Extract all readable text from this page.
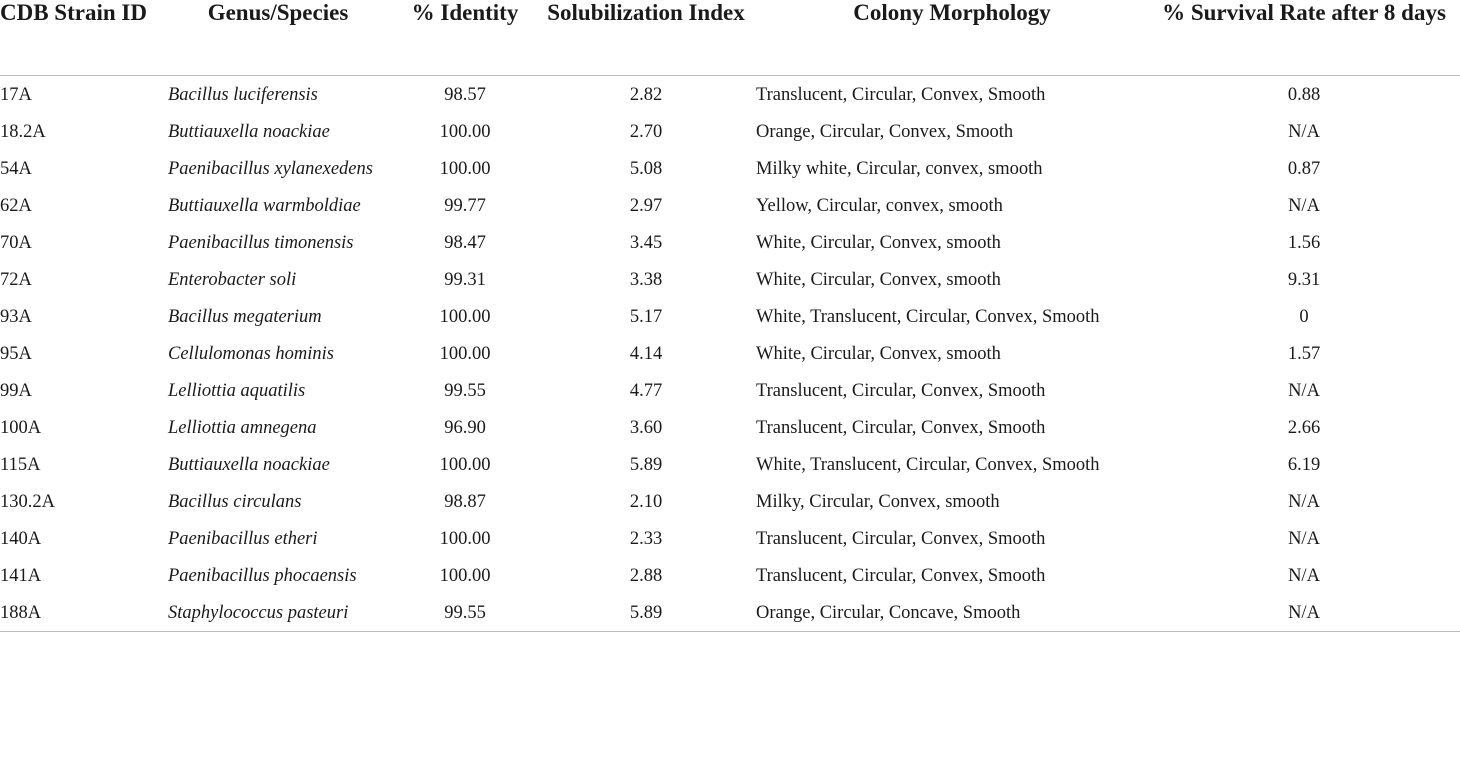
CDB Strain ID	Genus/Species	% Identity	Solubilization Index	Colony Morphology	% Survival Rate after 8 days
17A	Bacillus luciferensis	98.57	2.82	Translucent, Circular, Convex, Smooth	0.88
18.2A	Buttiauxella noackiae	100.00	2.70	Orange, Circular, Convex, Smooth	N/A
54A	Paenibacillus xylanexedens	100.00	5.08	Milky white, Circular, convex, smooth	0.87
62A	Buttiauxella warmboldiae	99.77	2.97	Yellow, Circular, convex, smooth	N/A
70A	Paenibacillus timonensis	98.47	3.45	White, Circular, Convex, smooth	1.56
72A	Enterobacter soli	99.31	3.38	White, Circular, Convex, smooth	9.31
93A	Bacillus megaterium	100.00	5.17	White, Translucent, Circular, Convex, Smooth	0
95A	Cellulomonas hominis	100.00	4.14	White, Circular, Convex, smooth	1.57
99A	Lelliottia aquatilis	99.55	4.77	Translucent, Circular, Convex, Smooth	N/A
100A	Lelliottia amnegena	96.90	3.60	Translucent, Circular, Convex, Smooth	2.66
115A	Buttiauxella noackiae	100.00	5.89	White, Translucent, Circular, Convex, Smooth	6.19
130.2A	Bacillus circulans	98.87	2.10	Milky, Circular, Convex, smooth	N/A
140A	Paenibacillus etheri	100.00	2.33	Translucent, Circular, Convex, Smooth	N/A
141A	Paenibacillus phocaensis	100.00	2.88	Translucent, Circular, Convex, Smooth	N/A
188A	Staphylococcus pasteuri	99.55	5.89	Orange, Circular, Concave, Smooth	N/A
